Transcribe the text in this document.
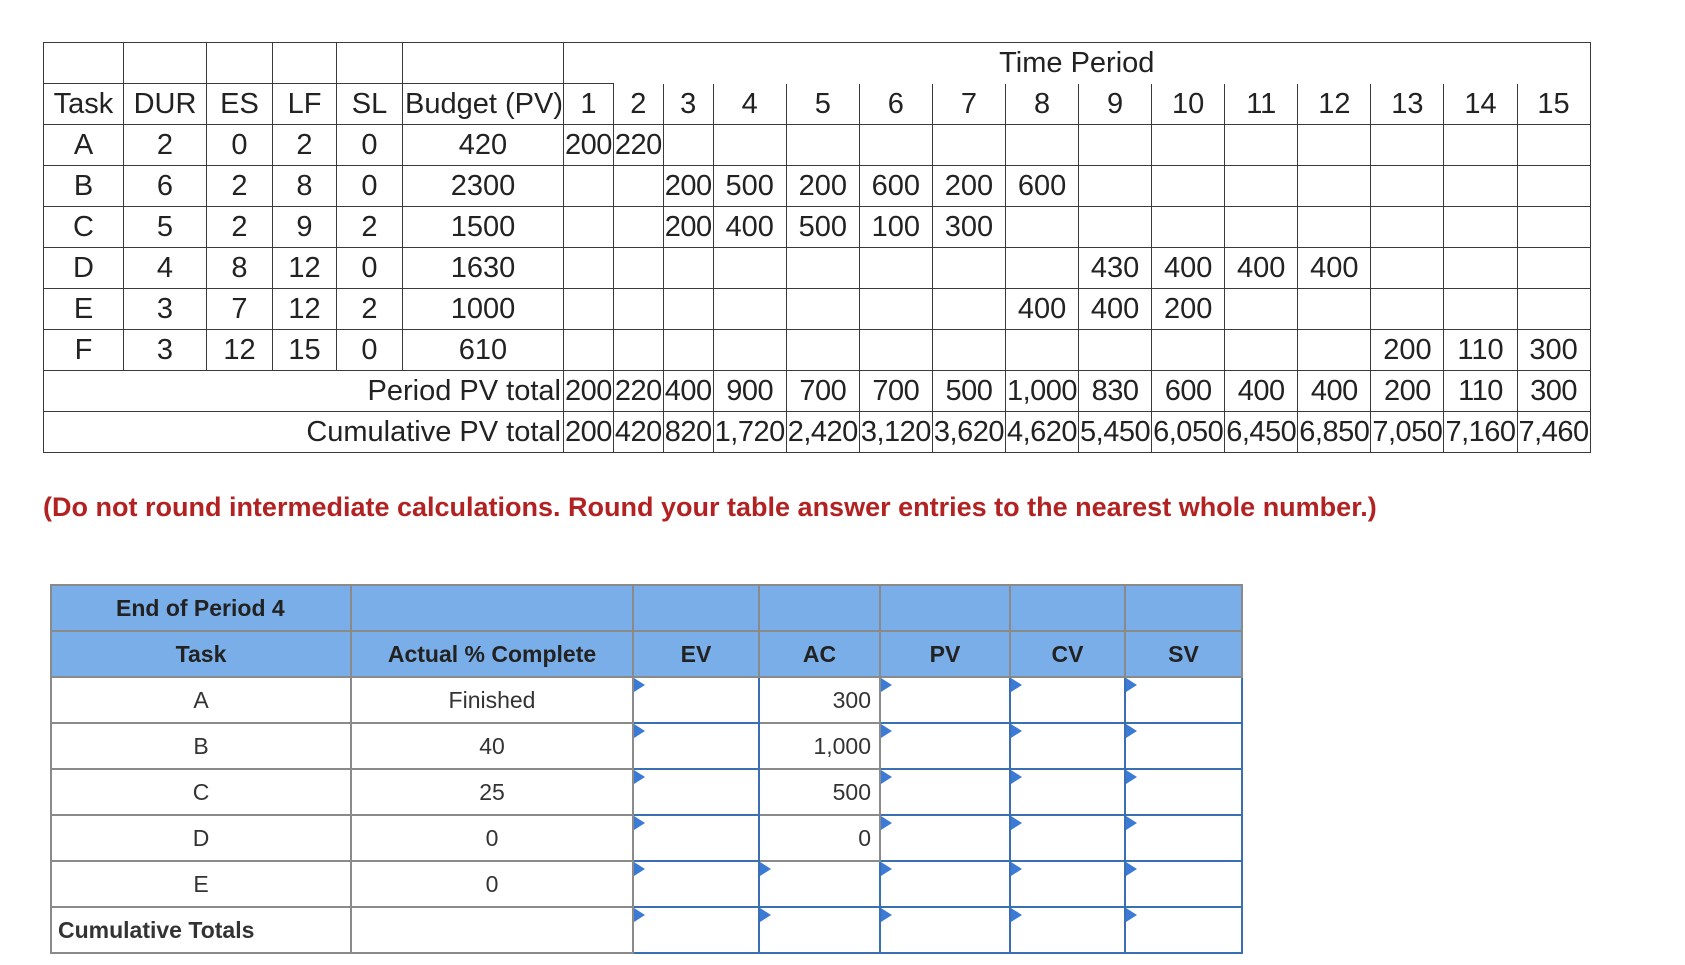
						Time Period														
Task	DUR	ES	LF	SL	Budget (PV)	1	2	3	4	5	6	7	8	9	10	11	12	13	14	15
A	2	0	2	0	420	200	220													
B	6	2	8	0	2300			200	500	200	600	200	600							
C	5	2	9	2	1500			200	400	500	100	300								
D	4	8	12	0	1630									430	400	400	400			
E	3	7	12	2	1000								400	400	200					
F	3	12	15	0	610													200	110	300
Period PV total						200	220	400	900	700	700	500	1,000	830	600	400	400	200	110	300
Cumulative PV total						200	420	820	1,720	2,420	3,120	3,620	4,620	5,450	6,050	6,450	6,850	7,050	7,160	7,460
(Do not round intermediate calculations. Round your table answer entries to the nearest whole number.)
End of Period 4						
Task	Actual % Complete	EV	AC	PV	CV	SV
A	Finished		300	

B	40		1,000	

C	25		500	

D	0		0	

E	0	

Cumulative Totals		
